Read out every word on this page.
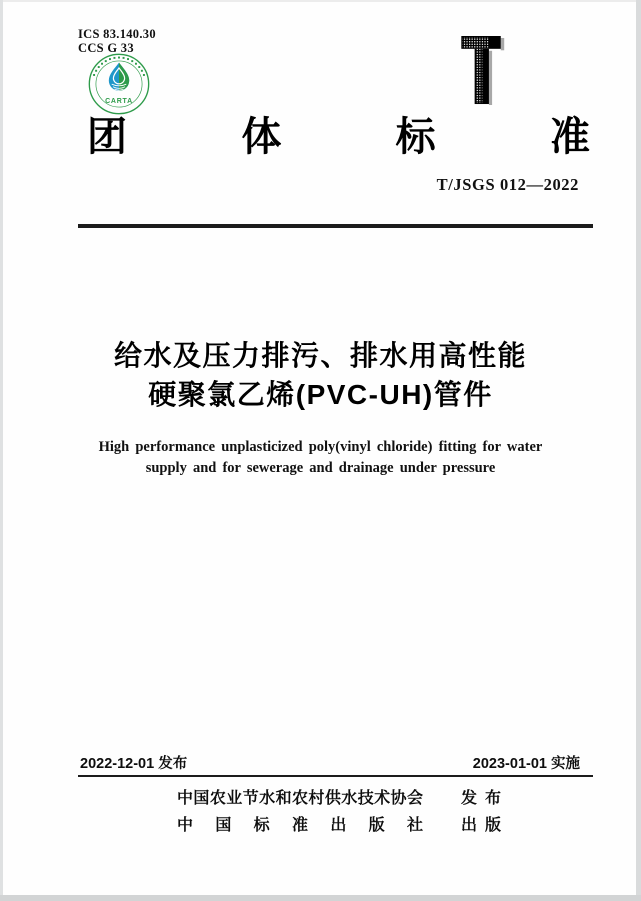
ICS 83.140.30
CCS G 33
CARTA
团	体	标	准
T/JSGS 012—2022
给水及压力排污、排水用高性能
硬聚氯乙烯(PVC-UH)管件
High performance unplasticized poly(vinyl chloride) fitting for water
supply and for sewerage and drainage under pressure
2022-12-01 发布	2023-01-01 实施
中国农业节水和农村供水技术协会 发 布
中 国 标 准 出 版 社 出 版
